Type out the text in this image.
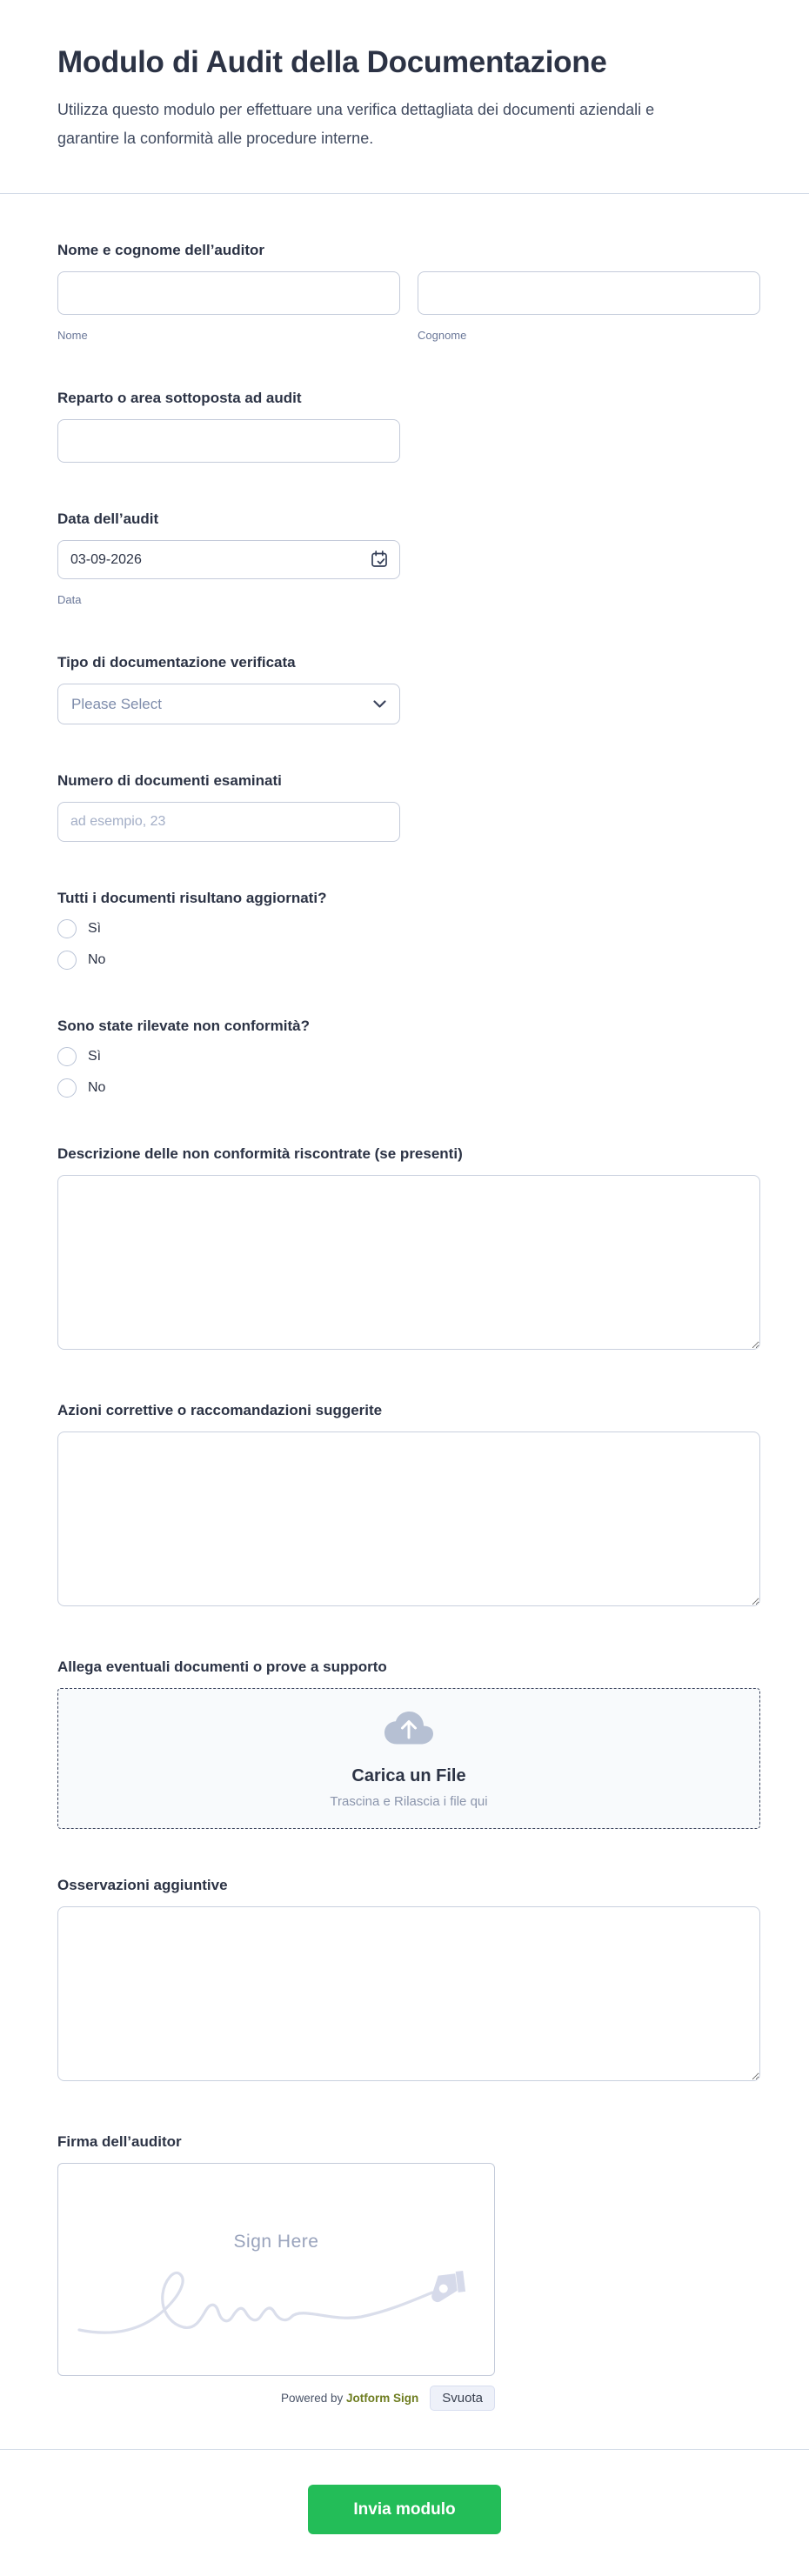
Modulo di Audit della Documentazione

Utilizza questo modulo per effettuare una verifica dettagliata dei documenti aziendali e garantire la conformità alle procedure interne.

Nome e cognome dell’auditor
Nome	Cognome
Reparto o area sottoposta ad audit
Data dell’audit
03-09-2026
Data
Tipo di documentazione verificata
Please Select
Numero di documenti esaminati
ad esempio, 23
Tutti i documenti risultano aggiornati?
Sì
No
Sono state rilevate non conformità?
Sì
No
Descrizione delle non conformità riscontrate (se presenti)
Azioni correttive o raccomandazioni suggerite
Allega eventuali documenti o prove a supporto
Carica un File
Trascina e Rilascia i file qui
Osservazioni aggiuntive
Firma dell’auditor
Sign Here
Powered by Jotform Sign	Svuota
Invia modulo
